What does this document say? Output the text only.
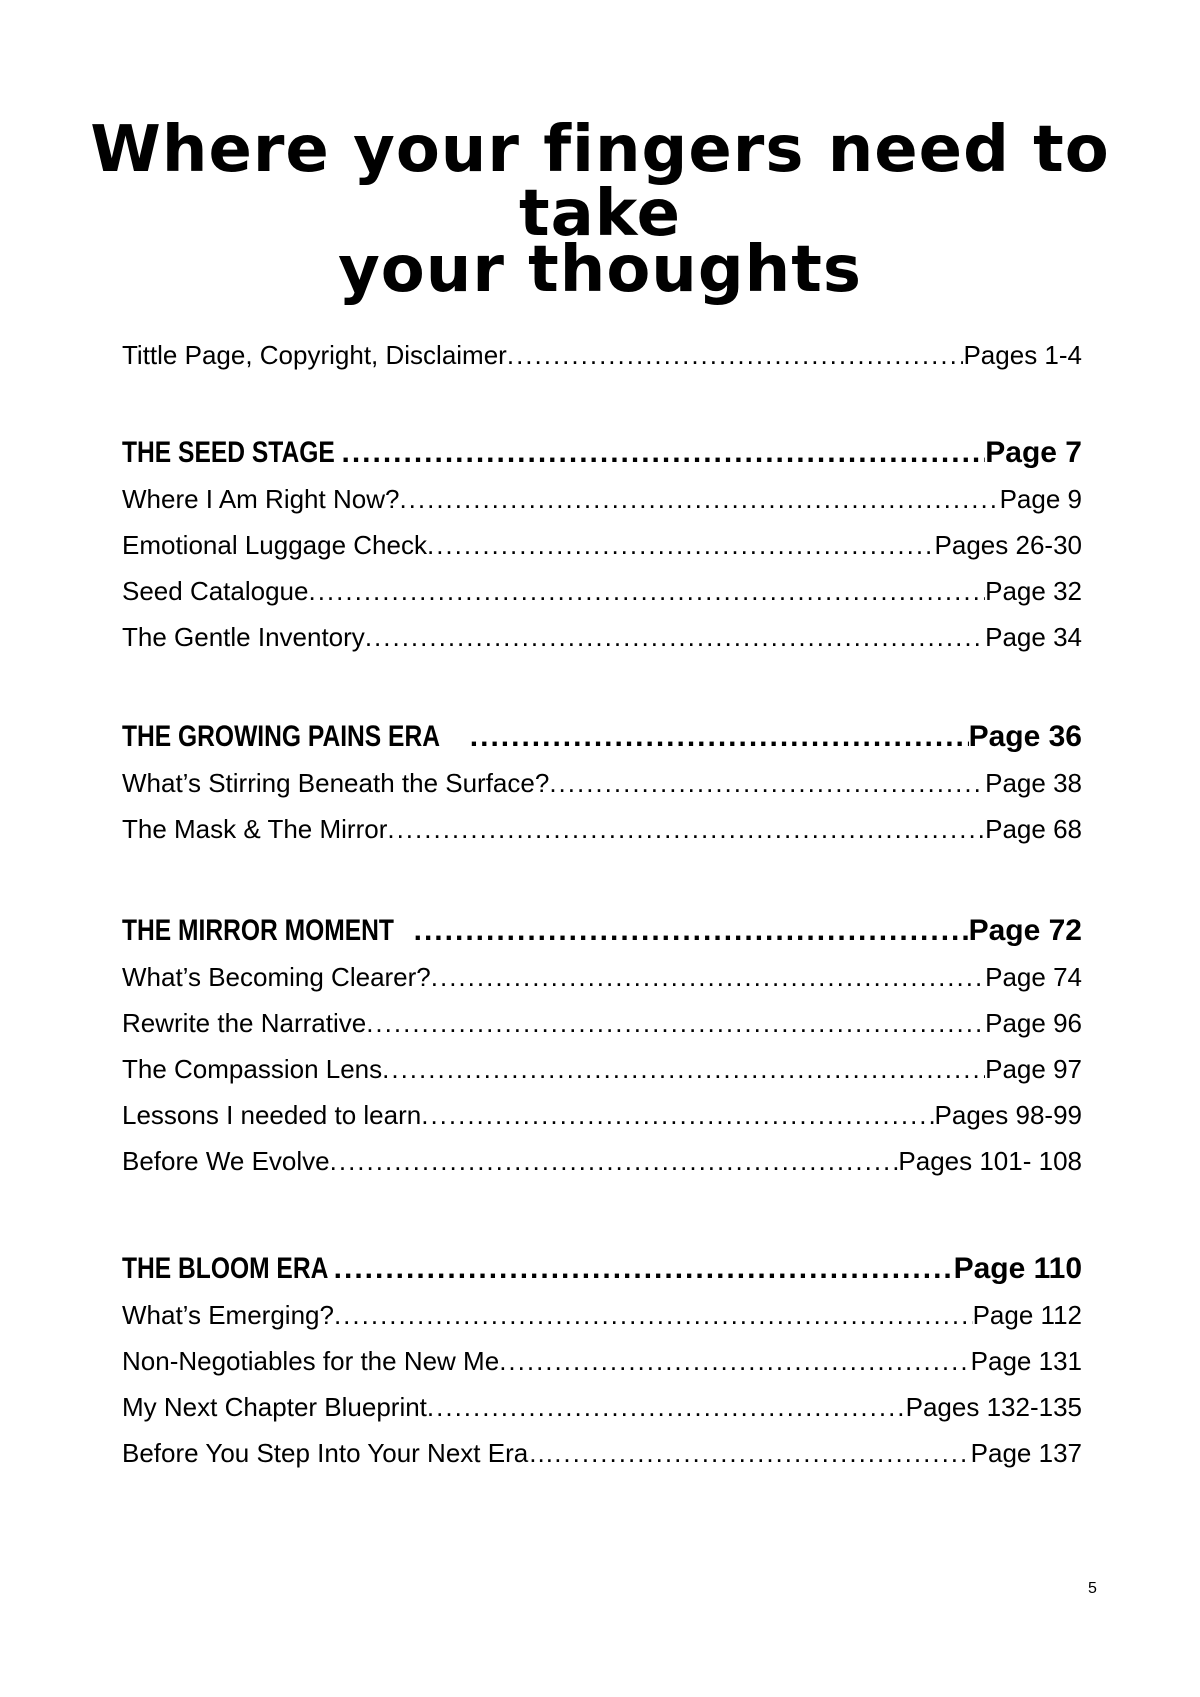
Where your fingers need to take
your thoughts
Tittle Page, Copyright, Disclaimer .....	Pages 1-4
THE SEED STAGE .....	Page 7
Where I Am Right Now? .....	Page 9
Emotional Luggage Check .....	Pages 26-30
Seed Catalogue .....	Page 32
The Gentle Inventory .....	Page 34
THE GROWING PAINS ERA .....	Page 36
What’s Stirring Beneath the Surface? .....	Page 38
The Mask & The Mirror .....	Page 68
THE MIRROR MOMENT .....	Page 72
What’s Becoming Clearer? .....	Page 74
Rewrite the Narrative .....	Page 96
The Compassion Lens .....	Page 97
Lessons I needed to learn .....	Pages 98-99
Before We Evolve .....	Pages 101- 108
THE BLOOM ERA .....	Page 110
What’s Emerging? .....	Page 112
Non-Negotiables for the New Me .....	Page 131
My Next Chapter Blueprint .....	Pages 132-135
Before You Step Into Your Next Era… .....	Page 137
5
